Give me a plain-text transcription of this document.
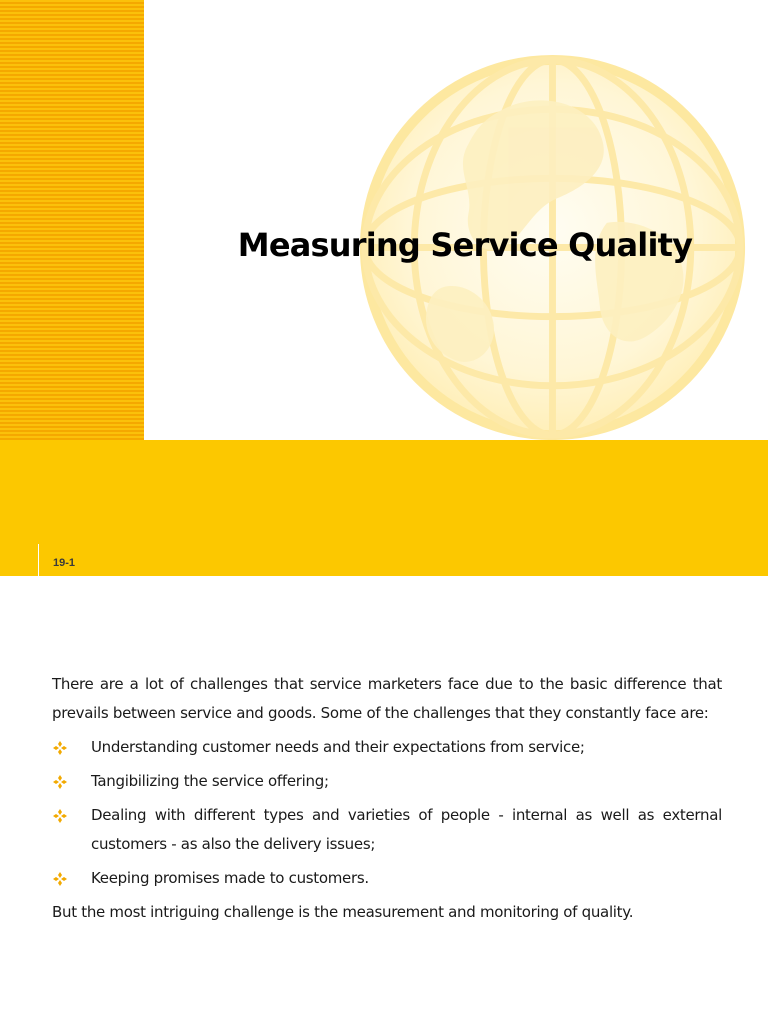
19-1
Measuring Service Quality

There are a lot of challenges that service marketers face due to the basic difference that prevails between service and goods. Some of the challenges that they constantly face are:

Understanding customer needs and their expectations from service;
Tangibilizing the service offering;
Dealing with different types and varieties of people - internal as well as external customers - as also the delivery issues;
Keeping promises made to customers.

But the most intriguing challenge is the measurement and monitoring of quality.
